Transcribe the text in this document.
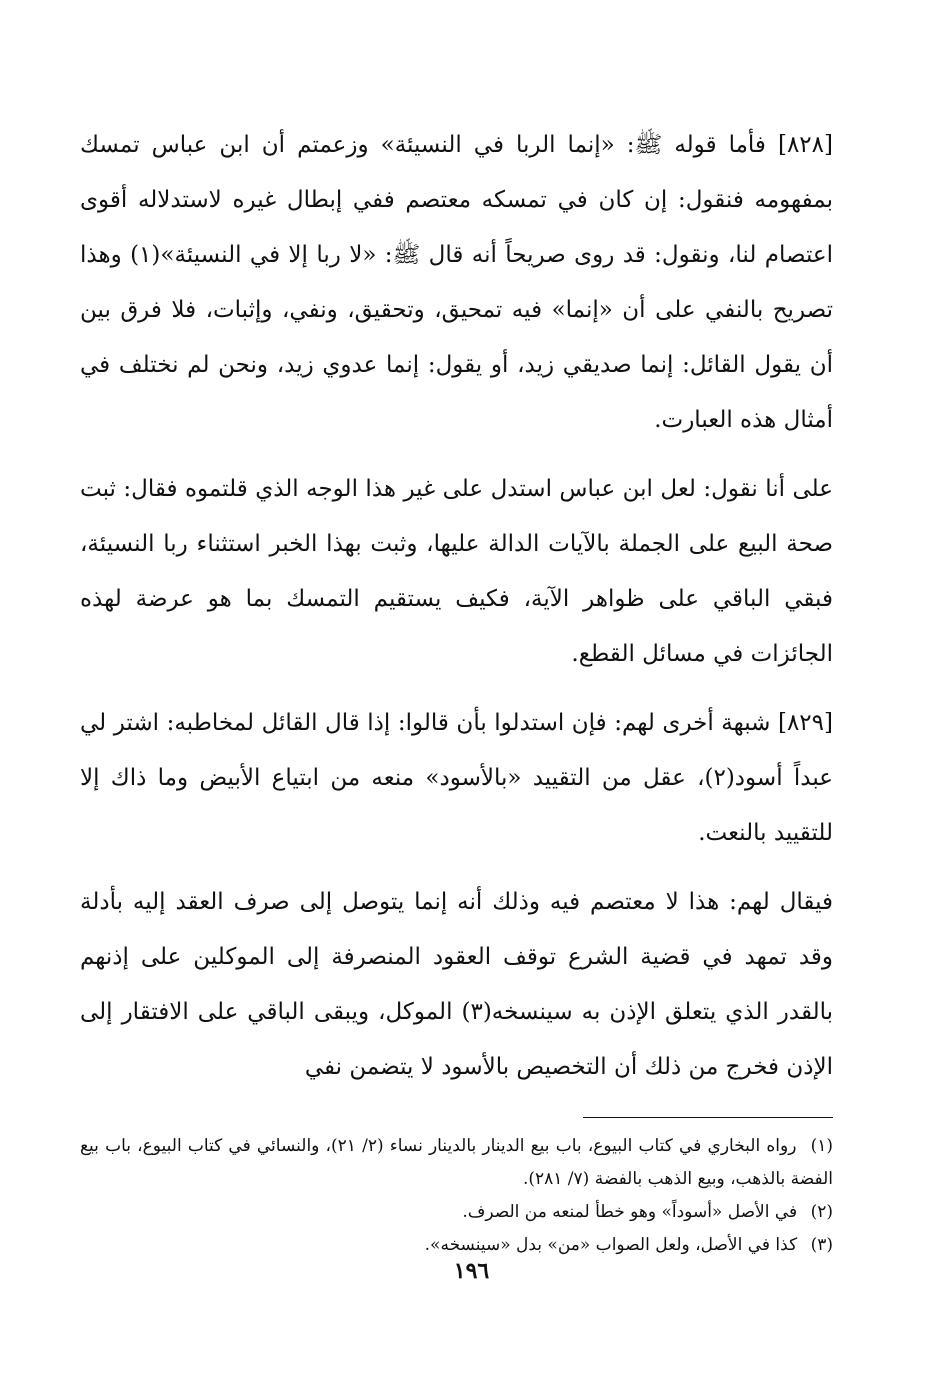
[٨٢٨] فأما قوله ﷺ: «إنما الربا في النسيئة» وزعمتم أن ابن عباس تمسك بمفهومه فنقول: إن كان في تمسكه معتصم ففي إبطال غيره لاستدلاله أقوى اعتصام لنا، ونقول: قد روى صريحاً أنه قال ﷺ: «لا ربا إلا في النسيئة»(١) وهذا تصريح بالنفي على أن «إنما» فيه تمحيق، وتحقيق، ونفي، وإثبات، فلا فرق بين أن يقول القائل: إنما صديقي زيد، أو يقول: إنما عدوي زيد، ونحن لم نختلف في أمثال هذه العبارت.

على أنا نقول: لعل ابن عباس استدل على غير هذا الوجه الذي قلتموه فقال: ثبت صحة البيع على الجملة بالآيات الدالة عليها، وثبت بهذا الخبر استثناء ربا النسيئة، فبقي الباقي على ظواهر الآية، فكيف يستقيم التمسك بما هو عرضة لهذه الجائزات في مسائل القطع.

[٨٢٩] شبهة أخرى لهم: فإن استدلوا بأن قالوا: إذا قال القائل لمخاطبه: اشتر لي عبداً أسود(٢)، عقل من التقييد «بالأسود» منعه من ابتياع الأبيض وما ذاك إلا للتقييد بالنعت.

فيقال لهم: هذا لا معتصم فيه وذلك أنه إنما يتوصل إلى صرف العقد إليه بأدلة وقد تمهد في قضية الشرع توقف العقود المنصرفة إلى الموكلين على إذنهم بالقدر الذي يتعلق الإذن به سينسخه(٣) الموكل، ويبقى الباقي على الافتقار إلى الإذن فخرج من ذلك أن التخصيص بالأسود لا يتضمن نفي

(١) رواه البخاري في كتاب البيوع، باب بيع الدينار بالدينار نساء (٢/ ٢١)، والنسائي في كتاب البيوع، باب بيع الفضة بالذهب، وبيع الذهب بالفضة (٧/ ٢٨١).

(٢) في الأصل «أسوداً» وهو خطأ لمنعه من الصرف.

(٣) كذا في الأصل، ولعل الصواب «من» بدل «سينسخه».

١٩٦
